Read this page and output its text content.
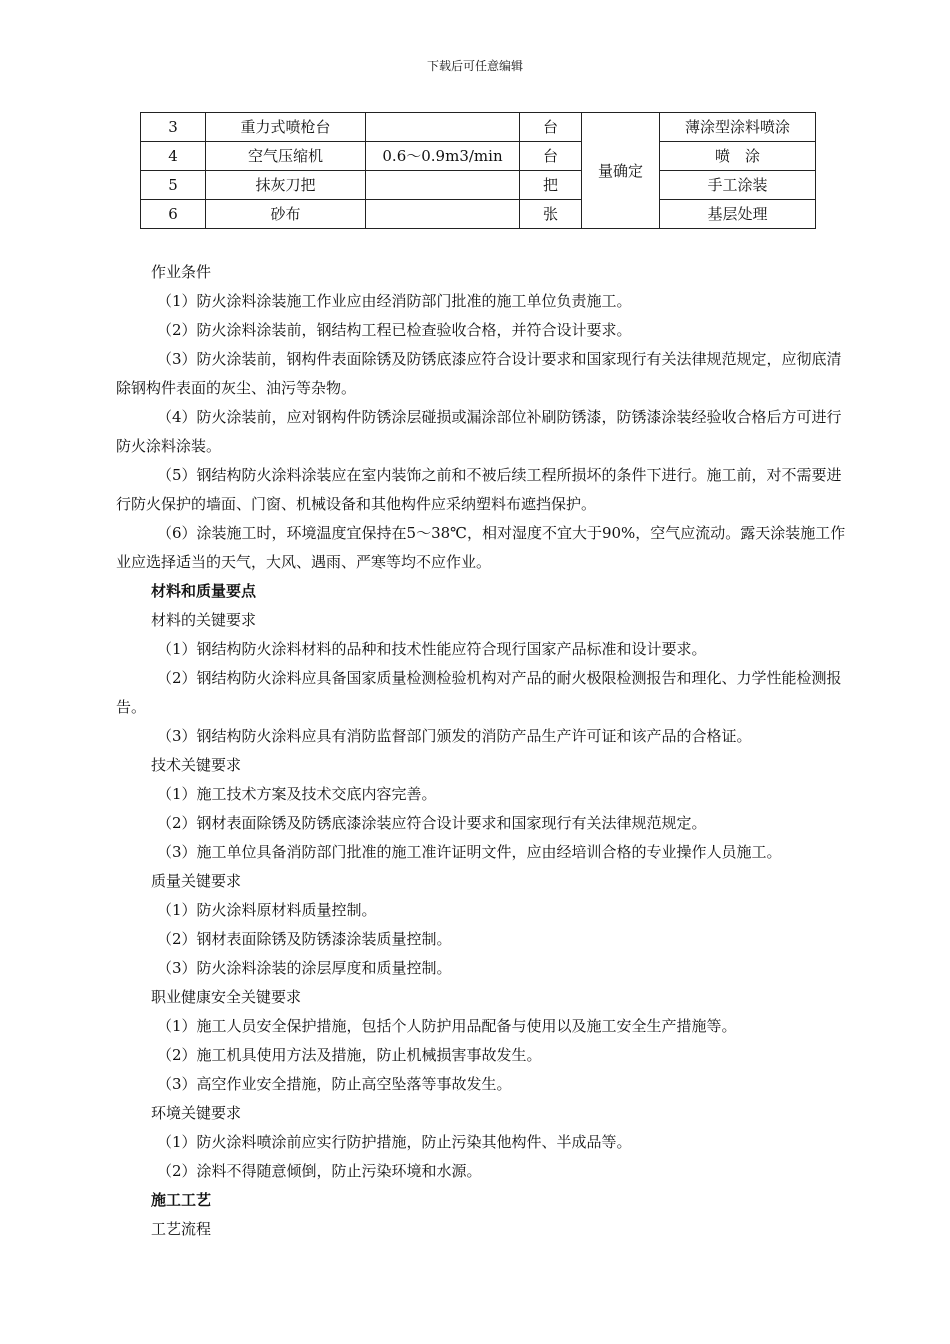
下载后可任意编辑
3	重力式喷枪台		台	量确定	薄涂型涂料喷涂
4	空气压缩机	0.6～0.9m3/min	台		喷　涂
5	抹灰刀把		把		手工涂装
6	砂布		张		基层处理

作业条件

（1）防火涂料涂装施工作业应由经消防部门批准的施工单位负责施工。

（2）防火涂料涂装前，钢结构工程已检查验收合格，并符合设计要求。

（3）防火涂装前，钢构件表面除锈及防锈底漆应符合设计要求和国家现行有关法律规范规定，应彻底清除钢构件表面的灰尘、油污等杂物。

（4）防火涂装前，应对钢构件防锈涂层碰损或漏涂部位补刷防锈漆，防锈漆涂装经验收合格后方可进行防火涂料涂装。

（5）钢结构防火涂料涂装应在室内装饰之前和不被后续工程所损坏的条件下进行。施工前，对不需要进行防火保护的墙面、门窗、机械设备和其他构件应采纳塑料布遮挡保护。

（6）涂装施工时，环境温度宜保持在5～38℃，相对湿度不宜大于90%，空气应流动。露天涂装施工作业应选择适当的天气，大风、遇雨、严寒等均不应作业。

材料和质量要点

材料的关键要求

（1）钢结构防火涂料材料的品种和技术性能应符合现行国家产品标准和设计要求。

（2）钢结构防火涂料应具备国家质量检测检验机构对产品的耐火极限检测报告和理化、力学性能检测报告。

（3）钢结构防火涂料应具有消防监督部门颁发的消防产品生产许可证和该产品的合格证。

技术关键要求

（1）施工技术方案及技术交底内容完善。

（2）钢材表面除锈及防锈底漆涂装应符合设计要求和国家现行有关法律规范规定。

（3）施工单位具备消防部门批准的施工准许证明文件，应由经培训合格的专业操作人员施工。

质量关键要求

（1）防火涂料原材料质量控制。

（2）钢材表面除锈及防锈漆涂装质量控制。

（3）防火涂料涂装的涂层厚度和质量控制。

职业健康安全关键要求

（1）施工人员安全保护措施，包括个人防护用品配备与使用以及施工安全生产措施等。

（2）施工机具使用方法及措施，防止机械损害事故发生。

（3）高空作业安全措施，防止高空坠落等事故发生。

环境关键要求

（1）防火涂料喷涂前应实行防护措施，防止污染其他构件、半成品等。

（2）涂料不得随意倾倒，防止污染环境和水源。

施工工艺

工艺流程
